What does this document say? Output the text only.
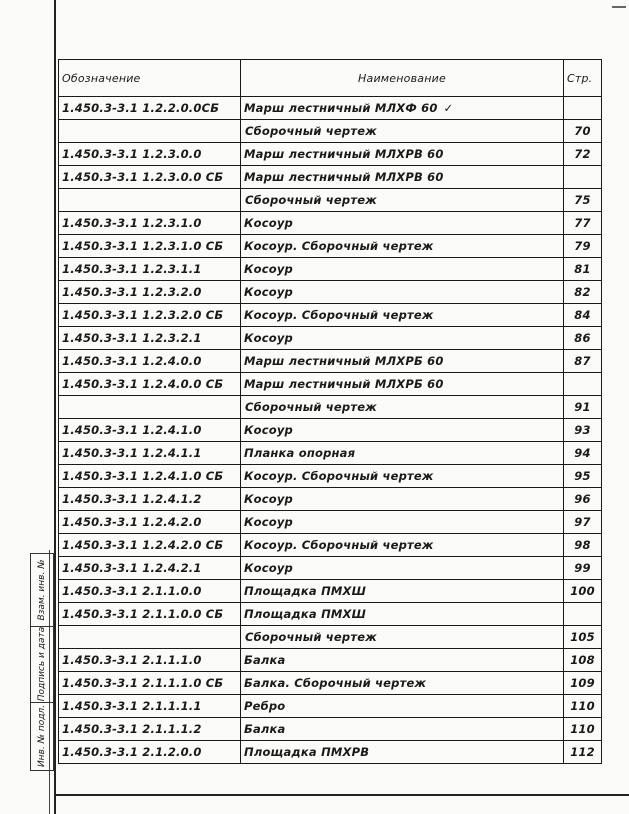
Обозначение	Наименование	Стр.
1.450.3-3.1 1.2.2.0.0СБ	Марш лестничный МЛХФ 60 ✓	
	Сборочный чертеж	70
1.450.3-3.1 1.2.3.0.0	Марш лестничный МЛХРВ 60	72
1.450.3-3.1 1.2.3.0.0 СБ	Марш лестничный МЛХРВ 60	
	Сборочный чертеж	75
1.450.3-3.1 1.2.3.1.0	Косоур	77
1.450.3-3.1 1.2.3.1.0 СБ	Косоур. Сборочный чертеж	79
1.450.3-3.1 1.2.3.1.1	Косоур	81
1.450.3-3.1 1.2.3.2.0	Косоур	82
1.450.3-3.1 1.2.3.2.0 СБ	Косоур. Сборочный чертеж	84
1.450.3-3.1 1.2.3.2.1	Косоур	86
1.450.3-3.1 1.2.4.0.0	Марш лестничный МЛХРБ 60	87
1.450.3-3.1 1.2.4.0.0 СБ	Марш лестничный МЛХРБ 60	
	Сборочный чертеж	91
1.450.3-3.1 1.2.4.1.0	Косоур	93
1.450.3-3.1 1.2.4.1.1	Планка опорная	94
1.450.3-3.1 1.2.4.1.0 СБ	Косоур. Сборочный чертеж	95
1.450.3-3.1 1.2.4.1.2	Косоур	96
1.450.3-3.1 1.2.4.2.0	Косоур	97
1.450.3-3.1 1.2.4.2.0 СБ	Косоур. Сборочный чертеж	98
1.450.3-3.1 1.2.4.2.1	Косоур	99
1.450.3-3.1 2.1.1.0.0	Площадка ПМХШ	100
1.450.3-3.1 2.1.1.0.0 СБ	Площадка ПМХШ	
	Сборочный чертеж	105
1.450.3-3.1 2.1.1.1.0	Балка	108
1.450.3-3.1 2.1.1.1.0 СБ	Балка. Сборочный чертеж	109
1.450.3-3.1 2.1.1.1.1	Ребро	110
1.450.3-3.1 2.1.1.1.2	Балка	110
1.450.3-3.1 2.1.2.0.0	Площадка ПМХРВ	112
Взам. инв. №
Подпись и дата
Инв. № подл.
